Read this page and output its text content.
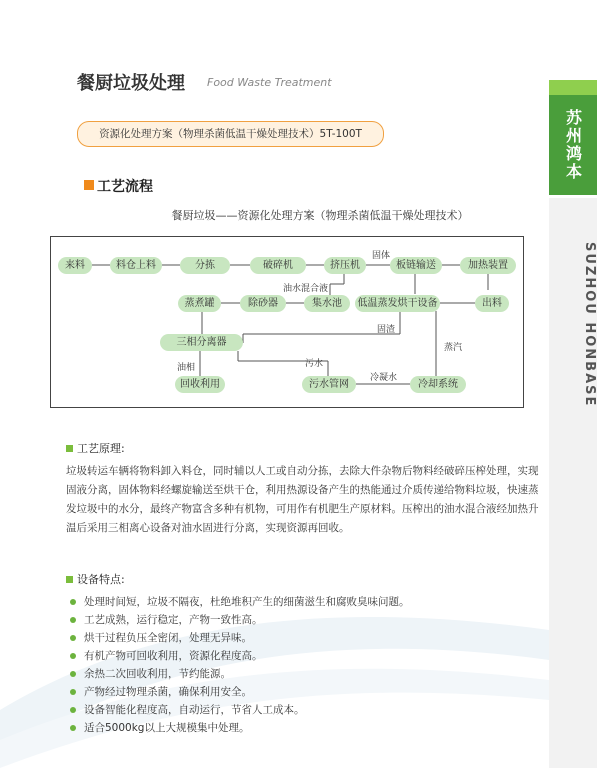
苏州鸿本
SUZHOU HONBASE
餐厨垃圾处理 Food Waste Treatment
资源化处理方案（物理杀菌低温干燥处理技术）5T-100T
工艺流程
餐厨垃圾——资源化处理方案（物理杀菌低温干燥处理技术）
来料	料仓上料	分拣	破碎机	挤压机	板链输送	加热装置
蒸煮罐	除砂器	集水池	低温蒸发烘干设备	出料
三相分离器
回收利用	污水管网	冷却系统
固体
油水混合液
固渣
蒸汽
油相	污水
冷凝水
工艺原理:
垃圾转运车辆将物料卸入料仓，同时辅以人工或自动分拣，去除大件杂物后物料经破碎压榨处理，实现固液分离，固体物料经螺旋输送至烘干仓，利用热源设备产生的热能通过介质传递给物料垃圾，快速蒸发垃圾中的水分，最终产物富含多种有机物，可用作有机肥生产原材料。压榨出的油水混合液经加热升温后采用三相离心设备对油水固进行分离，实现资源再回收。
设备特点:
处理时间短，垃圾不隔夜，杜绝堆积产生的细菌滋生和腐败臭味问题。
工艺成熟，运行稳定，产物一致性高。
烘干过程负压全密闭，处理无异味。
有机产物可回收利用，资源化程度高。
余热二次回收利用，节约能源。
产物经过物理杀菌，确保利用安全。
设备智能化程度高，自动运行，节省人工成本。
适合5000kg以上大规模集中处理。
